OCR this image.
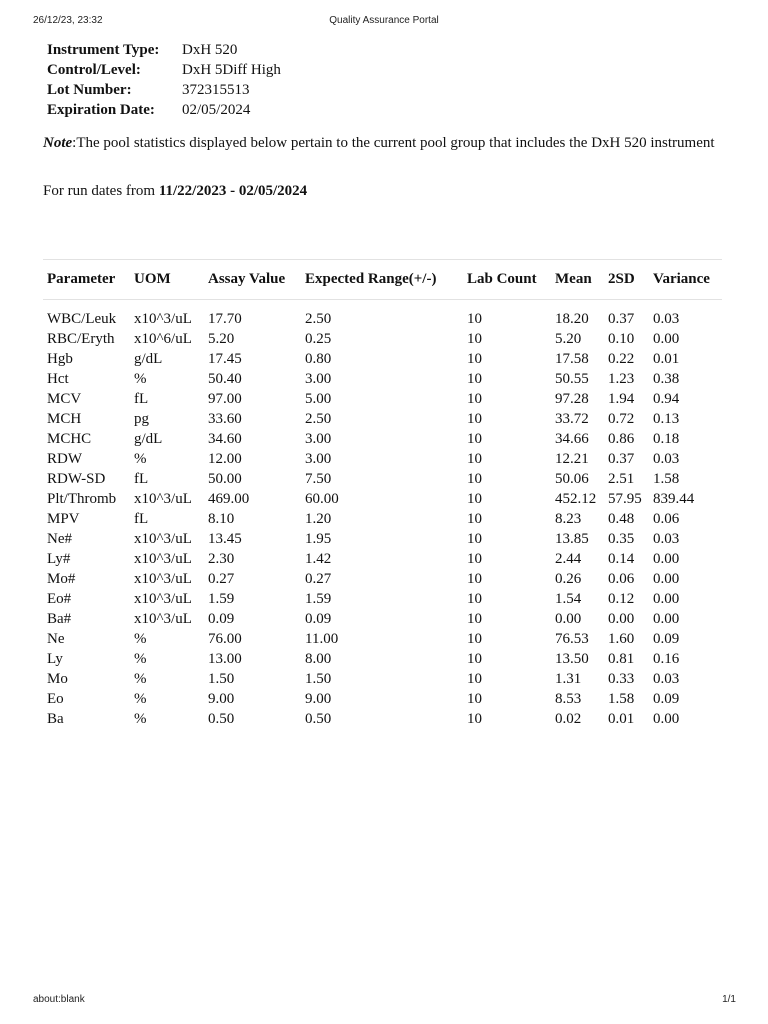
26/12/23, 23:32	Quality Assurance Portal
Instrument Type: DxH 520
Control/Level:	DxH 5Diff High
Lot Number:	372315513
Expiration Date: 02/05/2024
Note:The pool statistics displayed below pertain to the current pool group that includes the DxH 520 instrument
For run dates from 11/22/2023 - 02/05/2024
Parameter	UOM	Assay Value	Expected Range(+/-)	Lab Count	Mean	2SD	Variance

WBC/Leuk	x10^3/uL	17.70	2.50	10	18.20	0.37	0.03
RBC/Eryth	x10^6/uL	5.20	0.25	10	5.20	0.10	0.00
Hgb	g/dL	17.45	0.80	10	17.58	0.22	0.01
Hct	%	50.40	3.00	10	50.55	1.23	0.38
MCV	fL	97.00	5.00	10	97.28	1.94	0.94
MCH	pg	33.60	2.50	10	33.72	0.72	0.13
MCHC	g/dL	34.60	3.00	10	34.66	0.86	0.18
RDW	%	12.00	3.00	10	12.21	0.37	0.03
RDW-SD	fL	50.00	7.50	10	50.06	2.51	1.58
Plt/Thromb	x10^3/uL	469.00	60.00	10	452.12	57.95	839.44
MPV	fL	8.10	1.20	10	8.23	0.48	0.06
Ne#	x10^3/uL	13.45	1.95	10	13.85	0.35	0.03
Ly#	x10^3/uL	2.30	1.42	10	2.44	0.14	0.00
Mo#	x10^3/uL	0.27	0.27	10	0.26	0.06	0.00
Eo#	x10^3/uL	1.59	1.59	10	1.54	0.12	0.00
Ba#	x10^3/uL	0.09	0.09	10	0.00	0.00	0.00
Ne	%	76.00	11.00	10	76.53	1.60	0.09
Ly	%	13.00	8.00	10	13.50	0.81	0.16
Mo	%	1.50	1.50	10	1.31	0.33	0.03
Eo	%	9.00	9.00	10	8.53	1.58	0.09
Ba	%	0.50	0.50	10	0.02	0.01	0.00
about:blank	1/1
